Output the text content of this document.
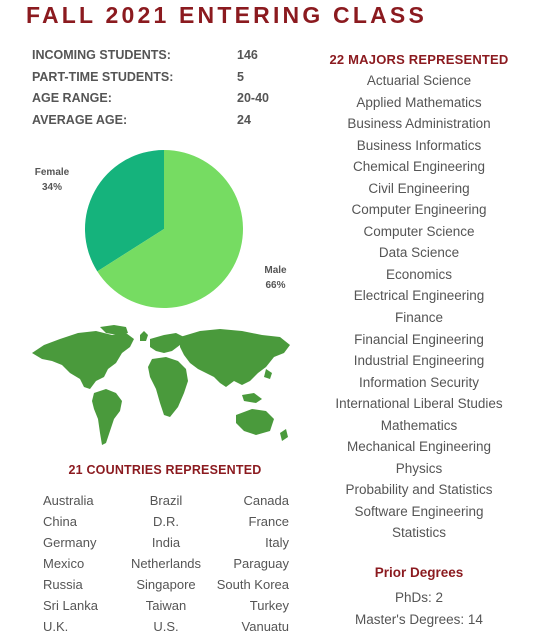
FALL 2021 ENTERING CLASS
INCOMING STUDENTS:	146
PART-TIME STUDENTS:	5
AGE RANGE:	20-40
AVERAGE AGE:	24
Female
34%
Male
66%
21 COUNTRIES REPRESENTED
Australia	Brazil	Canada
China	D.R.	France
Germany	India	Italy
Mexico	Netherlands	Paraguay
Russia	Singapore	South Korea
Sri Lanka	Taiwan	Turkey
U.K.	U.S.	Vanuatu
22 MAJORS REPRESENTED
Actuarial Science
Applied Mathematics
Business Administration
Business Informatics
Chemical Engineering
Civil Engineering
Computer Engineering
Computer Science
Data Science
Economics
Electrical Engineering
Finance
Financial Engineering
Industrial Engineering
Information Security
International Liberal Studies
Mathematics
Mechanical Engineering
Physics
Probability and Statistics
Software Engineering
Statistics
Prior Degrees
PhDs: 2
Master's Degrees: 14
